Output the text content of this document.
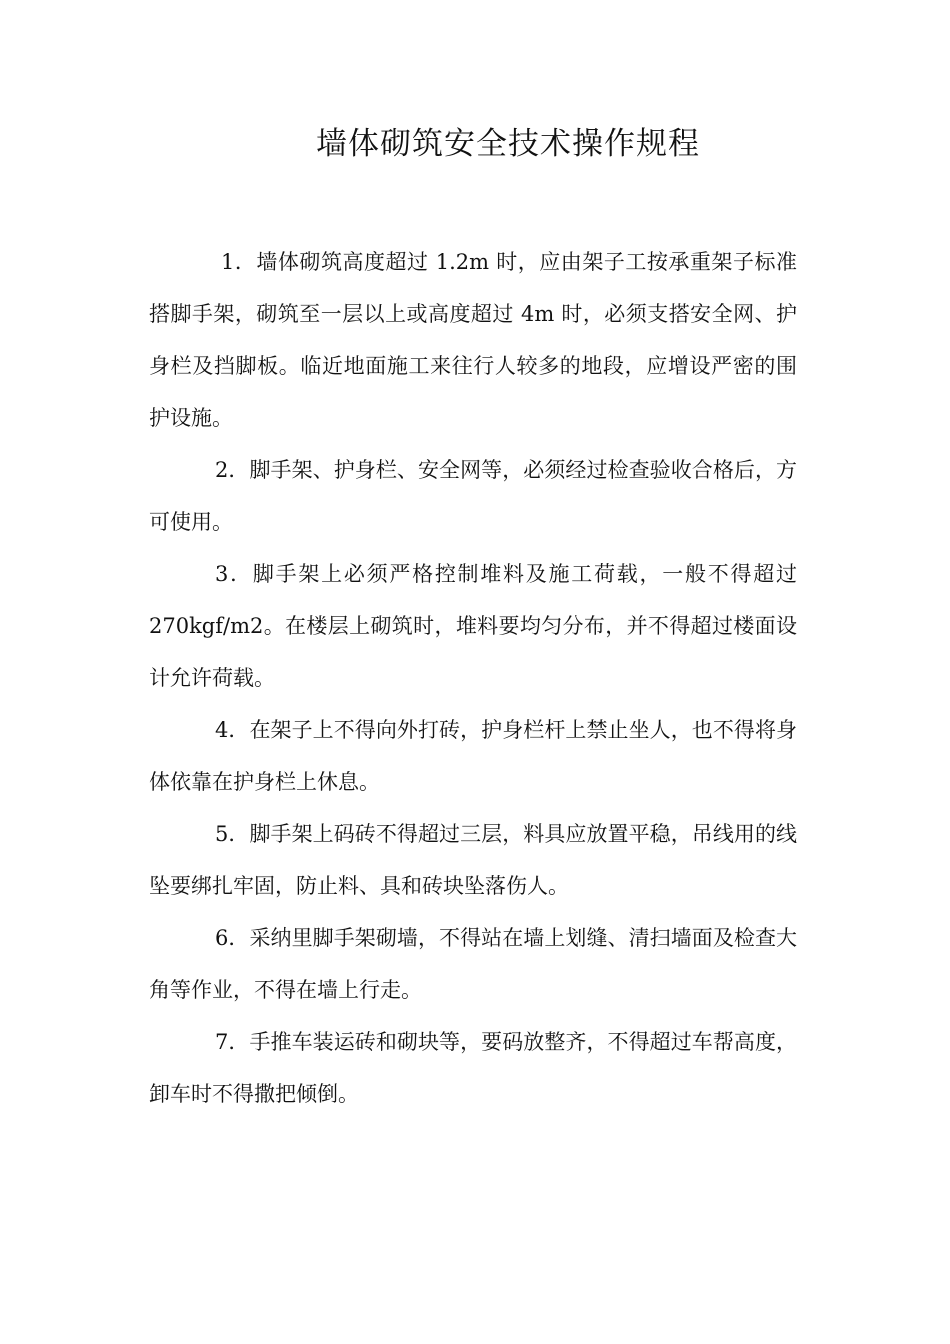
墙体砌筑安全技术操作规程

1．墙体砌筑高度超过 1.2m 时，应由架子工按承重架子标准搭脚手架，砌筑至一层以上或高度超过 4m 时，必须支搭安全网、护身栏及挡脚板。临近地面施工来往行人较多的地段，应增设严密的围护设施。

2．脚手架、护身栏、安全网等，必须经过检查验收合格后，方可使用。

3．脚手架上必须严格控制堆料及施工荷载，一般不得超过 270kgf/m2。在楼层上砌筑时，堆料要均匀分布，并不得超过楼面设计允许荷载。

4．在架子上不得向外打砖，护身栏杆上禁止坐人，也不得将身体依靠在护身栏上休息。

5．脚手架上码砖不得超过三层，料具应放置平稳，吊线用的线坠要绑扎牢固，防止料、具和砖块坠落伤人。

6．采纳里脚手架砌墙，不得站在墙上划缝、清扫墙面及检查大角等作业，不得在墙上行走。

7．手推车装运砖和砌块等，要码放整齐，不得超过车帮高度，卸车时不得撒把倾倒。
